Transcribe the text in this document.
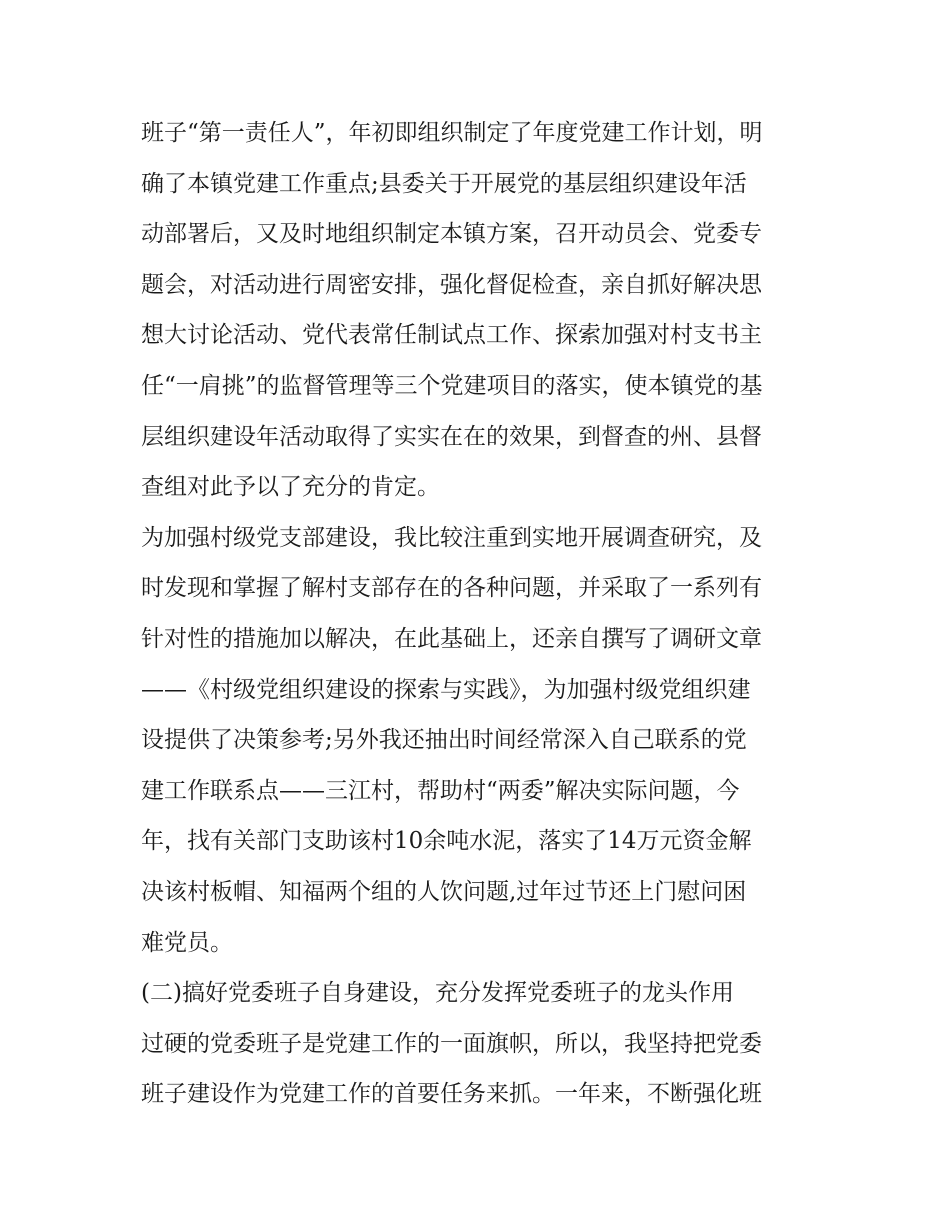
班子“第一责任人”，年初即组织制定了年度党建工作计划，明
确了本镇党建工作重点;县委关于开展党的基层组织建设年活
动部署后，又及时地组织制定本镇方案，召开动员会、党委专
题会，对活动进行周密安排，强化督促检查，亲自抓好解决思
想大讨论活动、党代表常任制试点工作、探索加强对村支书主
任“一肩挑”的监督管理等三个党建项目的落实，使本镇党的基
层组织建设年活动取得了实实在在的效果，到督查的州、县督
查组对此予以了充分的肯定。
为加强村级党支部建设，我比较注重到实地开展调查研究，及
时发现和掌握了解村支部存在的各种问题，并采取了一系列有
针对性的措施加以解决，在此基础上，还亲自撰写了调研文章
——《村级党组织建设的探索与实践》，为加强村级党组织建
设提供了决策参考;另外我还抽出时间经常深入自己联系的党
建工作联系点——三江村，帮助村“两委”解决实际问题，今
年，找有关部门支助该村10余吨水泥，落实了14万元资金解
决该村板帽、知福两个组的人饮问题,过年过节还上门慰问困
难党员。
(二)搞好党委班子自身建设，充分发挥党委班子的龙头作用
过硬的党委班子是党建工作的一面旗帜，所以，我坚持把党委
班子建设作为党建工作的首要任务来抓。一年来，不断强化班
